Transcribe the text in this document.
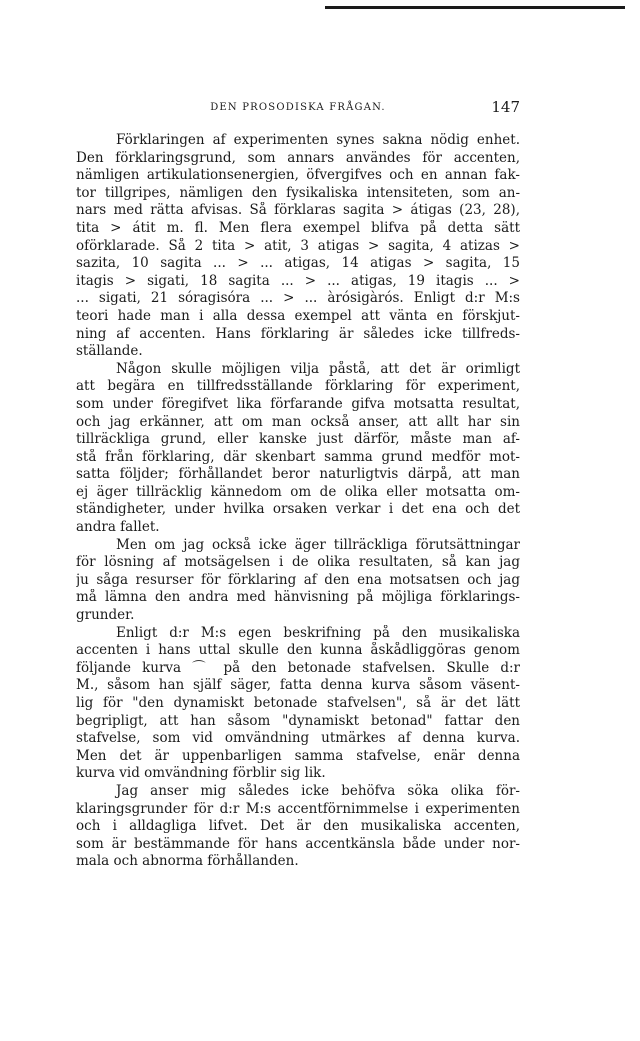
DEN PROSODISKA FRÅGAN.	147
Förklaringen af experimenten synes sakna nödig enhet.
Den förklaringsgrund, som annars användes för accenten,
nämligen artikulationsenergien, öfvergifves och en annan fak-
tor tillgripes, nämligen den fysikaliska intensiteten, som an-
nars med rätta afvisas. Så förklaras sagita > átigas (23, 28),
tita > átit m. fl. Men flera exempel blifva på detta sätt
oförklarade. Så 2 tita > atit, 3 atigas > sagita, 4 atizas >
sazita, 10 sagita ... > ... atigas, 14 atigas > sagita, 15
itagis > sigati, 18 sagita ... > ... atigas, 19 itagis ... >
... sigati, 21 sóragisóra ... > ... àrósigàrós. Enligt d:r M:s
teori hade man i alla dessa exempel att vänta en förskjut-
ning af accenten. Hans förklaring är således icke tillfreds-
ställande.
Någon skulle möjligen vilja påstå, att det är orimligt
att begära en tillfredsställande förklaring för experiment,
som under föregifvet lika förfarande gifva motsatta resultat,
och jag erkänner, att om man också anser, att allt har sin
tillräckliga grund, eller kanske just därför, måste man af-
stå från förklaring, där skenbart samma grund medför mot-
satta följder; förhållandet beror naturligtvis därpå, att man
ej äger tillräcklig kännedom om de olika eller motsatta om-
ständigheter, under hvilka orsaken verkar i det ena och det
andra fallet.
Men om jag också icke äger tillräckliga förutsättningar
för lösning af motsägelsen i de olika resultaten, så kan jag
ju såga resurser för förklaring af den ena motsatsen och jag
må lämna den andra med hänvisning på möjliga förklarings-
grunder.
Enligt d:r M:s egen beskrifning på den musikaliska
accenten i hans uttal skulle den kunna åskådliggöras genom
följande kurva ⌒ på den betonade stafvelsen. Skulle d:r
M., såsom han själf säger, fatta denna kurva såsom väsent-
lig för "den dynamiskt betonade stafvelsen", så är det lätt
begripligt, att han såsom "dynamiskt betonad" fattar den
stafvelse, som vid omvändning utmärkes af denna kurva.
Men det är uppenbarligen samma stafvelse, enär denna
kurva vid omvändning förblir sig lik.
Jag anser mig således icke behöfva söka olika för-
klaringsgrunder för d:r M:s accentförnimmelse i experimenten
och i alldagliga lifvet. Det är den musikaliska accenten,
som är bestämmande för hans accentkänsla både under nor-
mala och abnorma förhållanden.
